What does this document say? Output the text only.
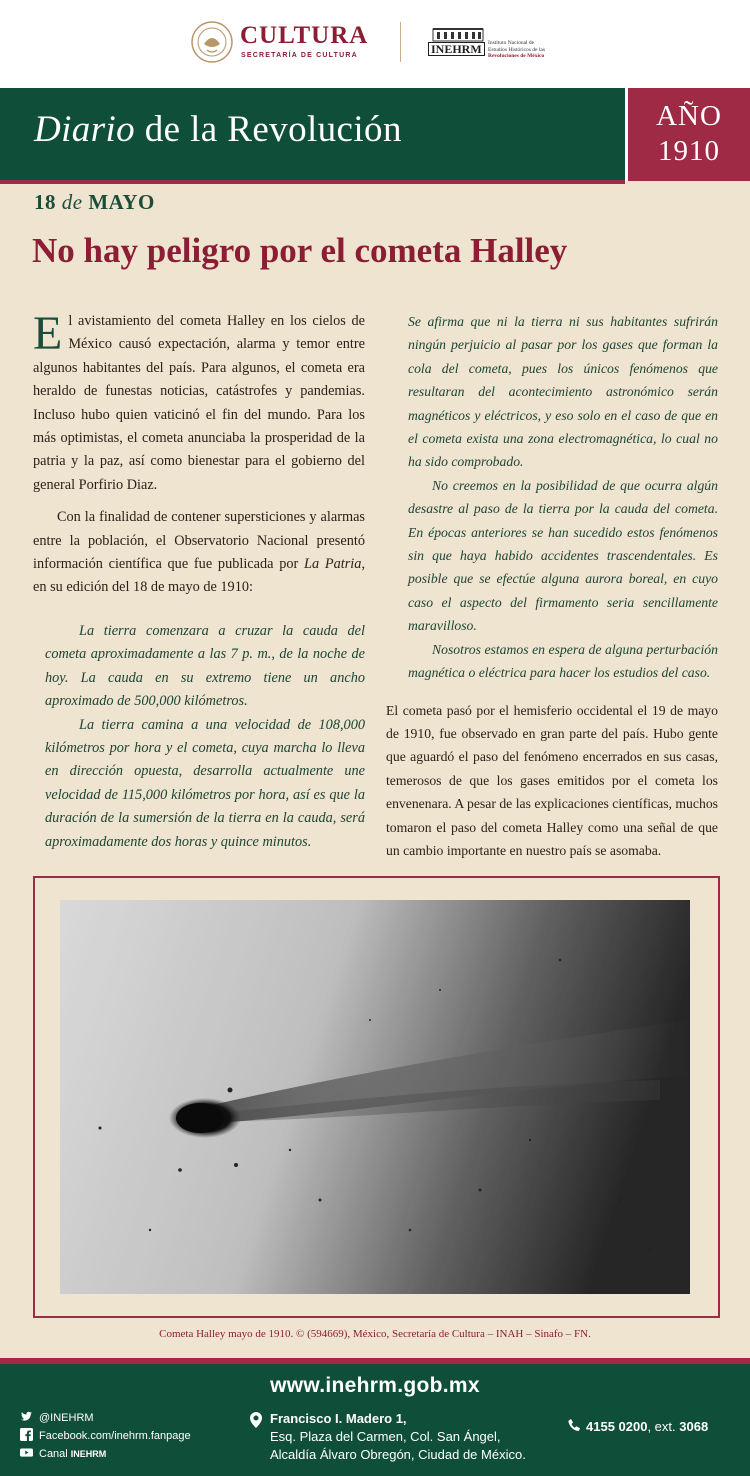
CULTURA
SECRETARÍA DE CULTURA	INEHRM	Instituto Nacional de
Estudios Históricos de las
Revoluciones de México
Diario de la Revolución	AÑO
1910
18 de MAYO
No hay peligro por el cometa Halley

El avistamiento del cometa Halley en los cielos de México causó expectación, alarma y temor entre algunos habitantes del país. Para algunos, el cometa era heraldo de funestas noticias, catástrofes y pandemias. Incluso hubo quien vaticinó el fin del mundo. Para los más optimistas, el cometa anunciaba la prosperidad de la patria y la paz, así como bienestar para el gobierno del general Porfirio Diaz.

Con la finalidad de contener supersticiones y alarmas entre la población, el Observatorio Nacional presentó información científica que fue publicada por La Patria, en su edición del 18 de mayo de 1910:

La tierra comenzara a cruzar la cauda del cometa aproximadamente a las 7 p. m., de la noche de hoy. La cauda en su extremo tiene un ancho aproximado de 500,000 kilómetros.

La tierra camina a una velocidad de 108,000 kilómetros por hora y el cometa, cuya marcha lo lleva en dirección opuesta, desarrolla actualmente une velocidad de 115,000 kilómetros por hora, así es que la duración de la sumersión de la tierra en la cauda, será aproximadamente dos horas y quince minutos.

Se afirma que ni la tierra ni sus habitantes sufrirán ningún perjuicio al pasar por los gases que forman la cola del cometa, pues los únicos fenómenos que resultaran del acontecimiento astronómico serán magnéticos y eléctricos, y eso solo en el caso de que en el cometa exista una zona electromagnética, lo cual no ha sido comprobado.

No creemos en la posibilidad de que ocurra algún desastre al paso de la tierra por la cauda del cometa. En épocas anteriores se han sucedido estos fenómenos sin que haya habido accidentes trascendentales. Es posible que se efectúe alguna aurora boreal, en cuyo caso el aspecto del firmamento seria sencillamente maravilloso.

Nosotros estamos en espera de alguna perturbación magnética o eléctrica para hacer los estudios del caso.

El cometa pasó por el hemisferio occidental el 19 de mayo de 1910, fue observado en gran parte del país. Hubo gente que aguardó el paso del fenómeno encerrados en sus casas, temerosos de que los gases emitidos por el cometa los envenenara. A pesar de las explicaciones científicas, muchos tomaron el paso del cometa Halley como una señal de que un cambio importante en nuestro país se asomaba.

Cometa Halley mayo de 1910. © (594669), México, Secretaría de Cultura – INAH – Sinafo – FN.
www.inehrm.gob.mx
@INEHRM
Facebook.com/inehrm.fanpage
Canal INEHRM
Francisco I. Madero 1,
Esq. Plaza del Carmen, Col. San Ángel,
Alcaldía Álvaro Obregón, Ciudad de México.
4155 0200, ext. 3068
